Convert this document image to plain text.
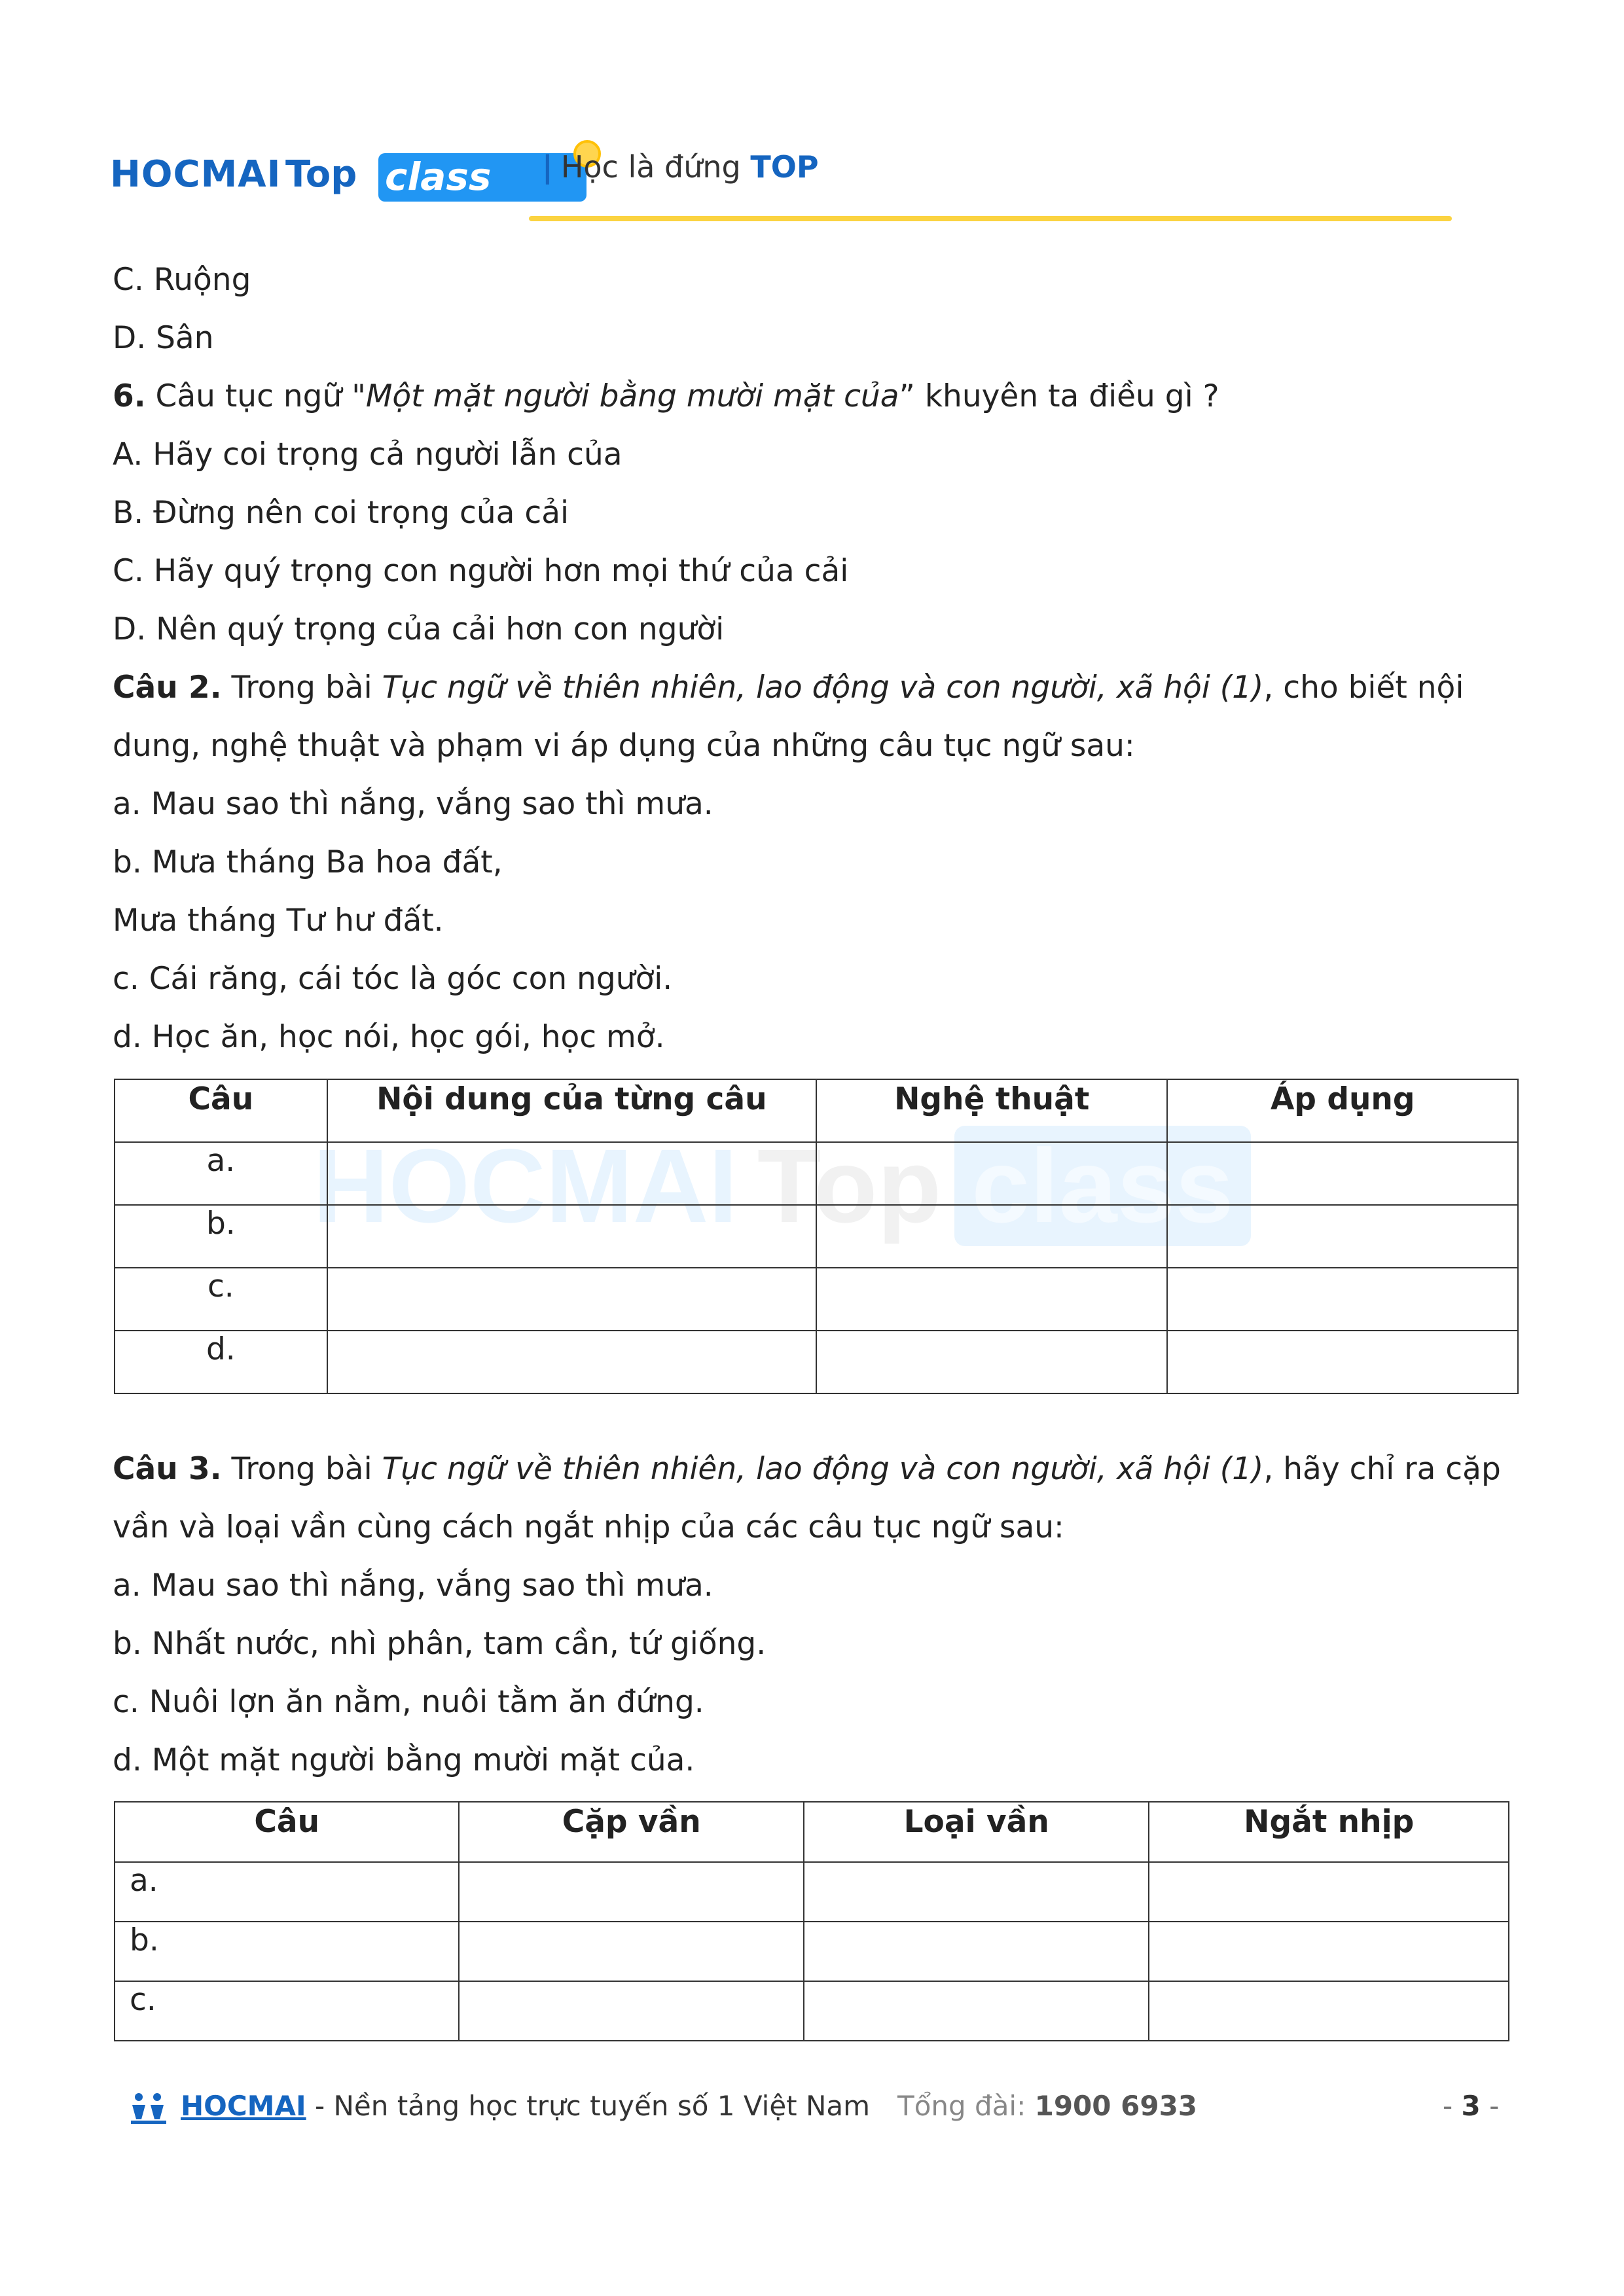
HOCMAI Top class | Học là đứng TOP
HOCMAI Top class
C. Ruộng
D. Sân
6. Câu tục ngữ "Một mặt người bằng mười mặt của” khuyên ta điều gì ?
A. Hãy coi trọng cả người lẫn của
B. Đừng nên coi trọng của cải
C. Hãy quý trọng con người hơn mọi thứ của cải
D. Nên quý trọng của cải hơn con người
Câu 2. Trong bài Tục ngữ về thiên nhiên, lao động và con người, xã hội (1), cho biết nội
dung, nghệ thuật và phạm vi áp dụng của những câu tục ngữ sau:
a. Mau sao thì nắng, vắng sao thì mưa.
b. Mưa tháng Ba hoa đất,
Mưa tháng Tư hư đất.
c. Cái răng, cái tóc là góc con người.
d. Học ăn, học nói, học gói, học mở.
Câu	Nội dung của từng câu	Nghệ thuật	Áp dụng
a.			
b.			
c.			
d.			
Câu 3. Trong bài Tục ngữ về thiên nhiên, lao động và con người, xã hội (1), hãy chỉ ra cặp
vần và loại vần cùng cách ngắt nhịp của các câu tục ngữ sau:
a. Mau sao thì nắng, vắng sao thì mưa.
b. Nhất nước, nhì phân, tam cần, tứ giống.
c. Nuôi lợn ăn nằm, nuôi tằm ăn đứng.
d. Một mặt người bằng mười mặt của.
Câu	Cặp vần	Loại vần	Ngắt nhịp
a.			
b.			
c.			
HOCMAI - Nền tảng học trực tuyến số 1 Việt Nam Tổng đài: 1900 6933	- 3 -
